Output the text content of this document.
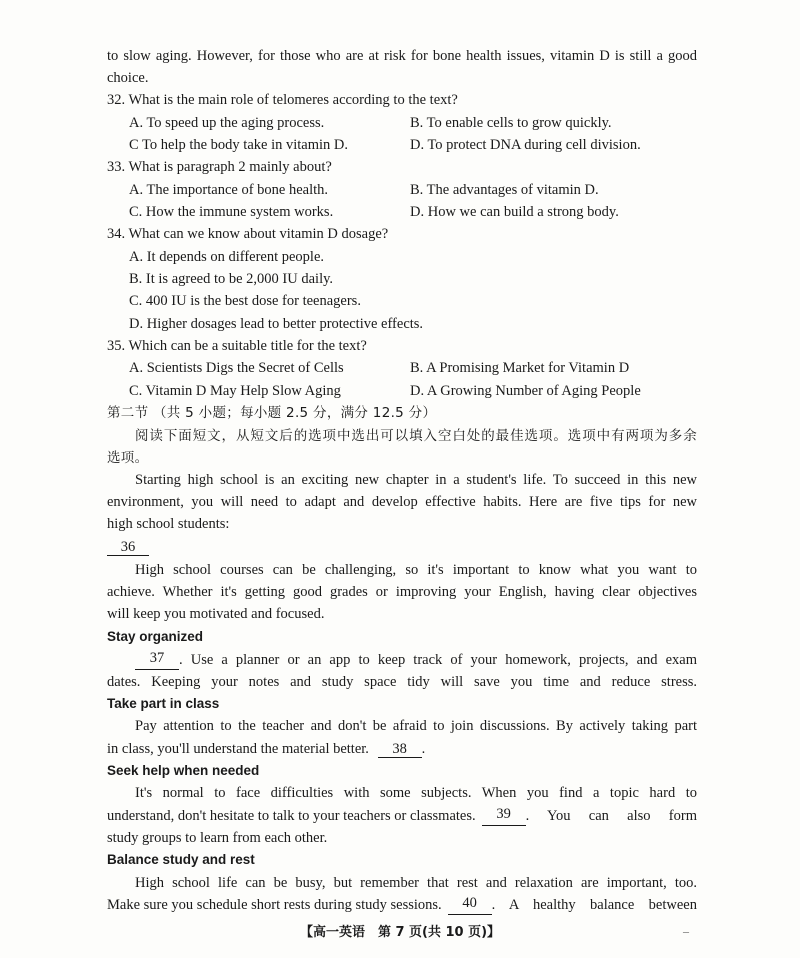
to slow aging. However, for those who are at risk for bone health issues, vitamin D is still a good
choice.
32. What is the main role of telomeres according to the text?
A. To speed up the aging process.	B. To enable cells to grow quickly.
C To help the body take in vitamin D.	D. To protect DNA during cell division.
33. What is paragraph 2 mainly about?
A. The importance of bone health.	B. The advantages of vitamin D.
C. How the immune system works.	D. How we can build a strong body.
34. What can we know about vitamin D dosage?
A. It depends on different people.
B. It is agreed to be 2,000 IU daily.
C. 400 IU is the best dose for teenagers.
D. Higher dosages lead to better protective effects.
35. Which can be a suitable title for the text?
A. Scientists Digs the Secret of Cells	B. A Promising Market for Vitamin D
C. Vitamin D May Help Slow Aging	D. A Growing Number of Aging People
第二节 （共 5 小题；每小题 2.5 分，满分 12.5 分）
阅读下面短文，从短文后的选项中选出可以填入空白处的最佳选项。选项中有两项为多余
选项。
Starting high school is an exciting new chapter in a student's life. To succeed in this new
environment, you will need to adapt and develop effective habits. Here are five tips for new
high school students:
36
High school courses can be challenging, so it's important to know what you want to
achieve. Whether it's getting good grades or improving your English, having clear objectives
will keep you motivated and focused.
Stay organized
37	. Use a planner or an app to keep track of your homework, projects, and exam
dates. Keeping your notes and study space tidy will save you time and reduce stress.
Take part in class
Pay attention to the teacher and don't be afraid to join discussions. By actively taking part
in class, you'll understand the material better. 38 .
Seek help when needed
It's normal to face difficulties with some subjects. When you find a topic hard to
understand, don't hesitate to talk to your teachers or classmates.	39	. You can also form
study groups to learn from each other.
Balance study and rest
High school life can be busy, but remember that rest and relaxation are important, too.
Make sure you schedule short rests during study sessions.	40	. A healthy balance between
【高一英语　第 7 页(共 10 页)】	–
